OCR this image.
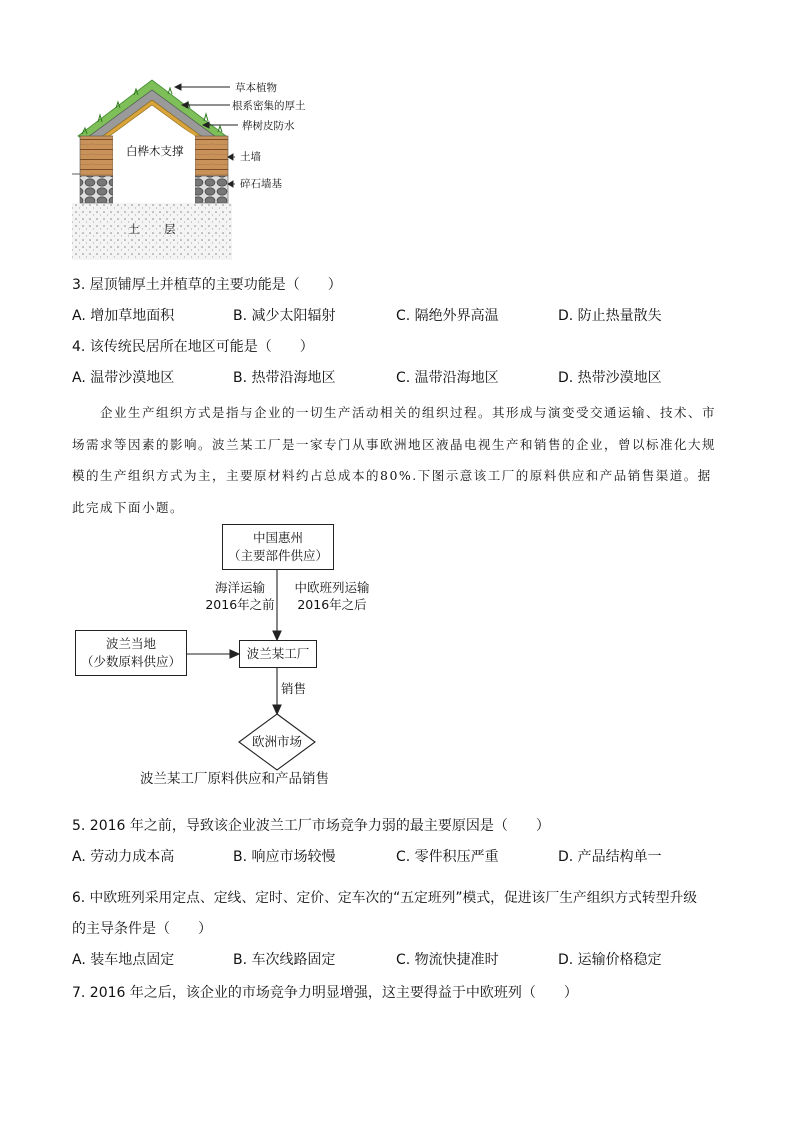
草本植物
根系密集的厚土
桦树皮防水
土墙
碎石墙基
白桦木支撑
土 层
3. 屋顶铺厚土并植草的主要功能是（　　）
A. 增加草地面积	B. 减少太阳辐射	C. 隔绝外界高温	D. 防止热量散失
4. 该传统民居所在地区可能是（　　）
A. 温带沙漠地区	B. 热带沿海地区	C. 温带沿海地区	D. 热带沙漠地区
企业生产组织方式是指与企业的一切生产活动相关的组织过程。其形成与演变受交通运输、技术、市场需求等因素的影响。波兰某工厂是一家专门从事欧洲地区液晶电视生产和销售的企业，曾以标准化大规模的生产组织方式为主，主要原材料约占总成本的80%.下图示意该工厂的原料供应和产品销售渠道。据此完成下面小题。
中国惠州
（主要部件供应）
海洋运输
2016年之前
中欧班列运输
2016年之后
波兰当地
（少数原料供应）
波兰某工厂
销售
欧洲市场
波兰某工厂原料供应和产品销售
5. 2016 年之前，导致该企业波兰工厂市场竞争力弱的最主要原因是（　　）
A. 劳动力成本高	B. 响应市场较慢	C. 零件积压严重	D. 产品结构单一
6. 中欧班列采用定点、定线、定时、定价、定车次的“五定班列”模式，促进该厂生产组织方式转型升级
的主导条件是（　　）
A. 装车地点固定	B. 车次线路固定	C. 物流快捷准时	D. 运输价格稳定
7. 2016 年之后，该企业的市场竞争力明显增强，这主要得益于中欧班列（　　）
